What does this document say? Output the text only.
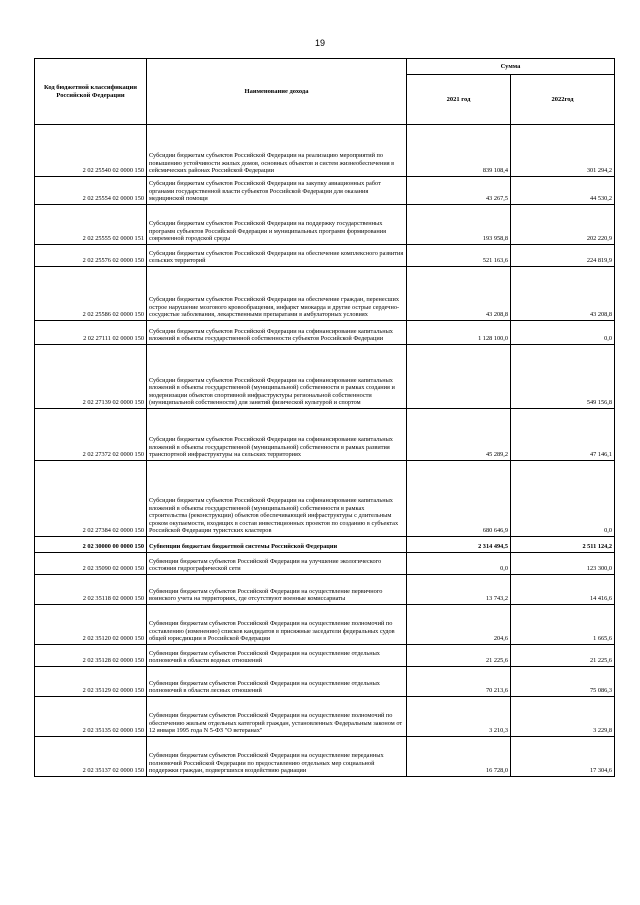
19
Код бюджетной классификации Российской Федерации	Наименование дохода	Сумма	
		2021 год	2022год
2 02 25540 02 0000 150	Субсидии бюджетам субъектов Российской Федерации на реализацию мероприятий по повышению устойчивости жилых домов, основных объектов и систем жизнеобеспечения в сейсмических районах Российской Федерации	839 108,4	301 294,2
2 02 25554 02 0000 150	Субсидии бюджетам субъектов Российской Федерации на закупку авиационных работ органами государственной власти субъектов Российской Федерации для оказания медицинской помощи	43 267,5	44 530,2
2 02 25555 02 0000 151	Субсидии бюджетам субъектов Российской Федерации на поддержку государственных программ субъектов Российской Федерации и муниципальных программ формирования современной городской среды	193 958,8	202 220,9
2 02 25576 02 0000 150	Субсидии бюджетам субъектов Российской Федерации на обеспечение комплексного развития сельских территорий	521 163,6	224 819,9
2 02 25586 02 0000 150	Субсидии бюджетам субъектов Российской Федерации на обеспечение граждан, перенесших острое нарушение мозгового кровообращения, инфаркт миокарда и другие острые сердечно-сосудистые заболевания, лекарственными препаратами в амбулаторных условиях	43 208,8	43 208,8
2 02 27111 02 0000 150	Субсидии бюджетам субъектов Российской Федерации на софинансирование капитальных вложений в объекты государственной собственности субъектов Российской Федерации	1 128 100,0	0,0
2 02 27139 02 0000 150	Субсидии бюджетам субъектов Российской Федерации на софинансирование капитальных вложений в объекты государственной (муниципальной) собственности в рамках создания и модернизации объектов спортивной инфраструктуры региональной собственности (муниципальной собственности) для занятий физической культурой и спортом		549 156,8
2 02 27372 02 0000 150	Субсидии бюджетам субъектов Российской Федерации на софинансирование капитальных вложений в объекты государственной (муниципальной) собственности в рамках развития транспортной инфраструктуры на сельских территориях	45 289,2	47 146,1
2 02 27384 02 0000 150	Субсидии бюджетам субъектов Российской Федерации на софинансирование капитальных вложений в объекты государственной (муниципальной) собственности в рамках строительства (реконструкции) объектов обеспечивающей инфраструктуры с длительным сроком окупаемости, входящих в состав инвестиционных проектов по созданию в субъектах Российской Федерации туристских кластеров	680 646,9	0,0
2 02 30000 00 0000 150	Субвенции бюджетам бюджетной системы Российской Федерации	2 314 494,5	2 511 124,2
2 02 35090 02 0000 150	Субвенции бюджетам субъектов Российской Федерации на улучшение экологического состояния гидрографической сети	0,0	123 300,0
2 02 35118 02 0000 150	Субвенции бюджетам субъектов Российской Федерации на осуществление первичного воинского учета на территориях, где отсутствуют военные комиссариаты	13 743,2	14 416,6
2 02 35120 02 0000 150	Субвенции бюджетам субъектов Российской Федерации на осуществление полномочий по составлению (изменению) списков кандидатов в присяжные заседатели федеральных судов общей юрисдикции в Российской Федерации	204,6	1 665,6
2 02 35128 02 0000 150	Субвенции бюджетам субъектов Российской Федерации на осуществление отдельных полномочий в области водных отношений	21 225,6	21 225,6
2 02 35129 02 0000 150	Субвенции бюджетам субъектов Российской Федерации на осуществление отдельных полномочий в области лесных отношений	70 213,6	75 086,3
2 02 35135 02 0000 150	Субвенции бюджетам субъектов Российской Федерации на осуществление полномочий по обеспечению жильем отдельных категорий граждан, установленных Федеральным законом от 12 января 1995 года N 5-ФЗ "О ветеранах"	3 210,3	3 229,8
2 02 35137 02 0000 150	Субвенции бюджетам субъектов Российской Федерации на осуществление переданных полномочий Российской Федерации по предоставлению отдельных мер социальной поддержки граждан, подвергшихся воздействию радиации	16 728,0	17 304,6
